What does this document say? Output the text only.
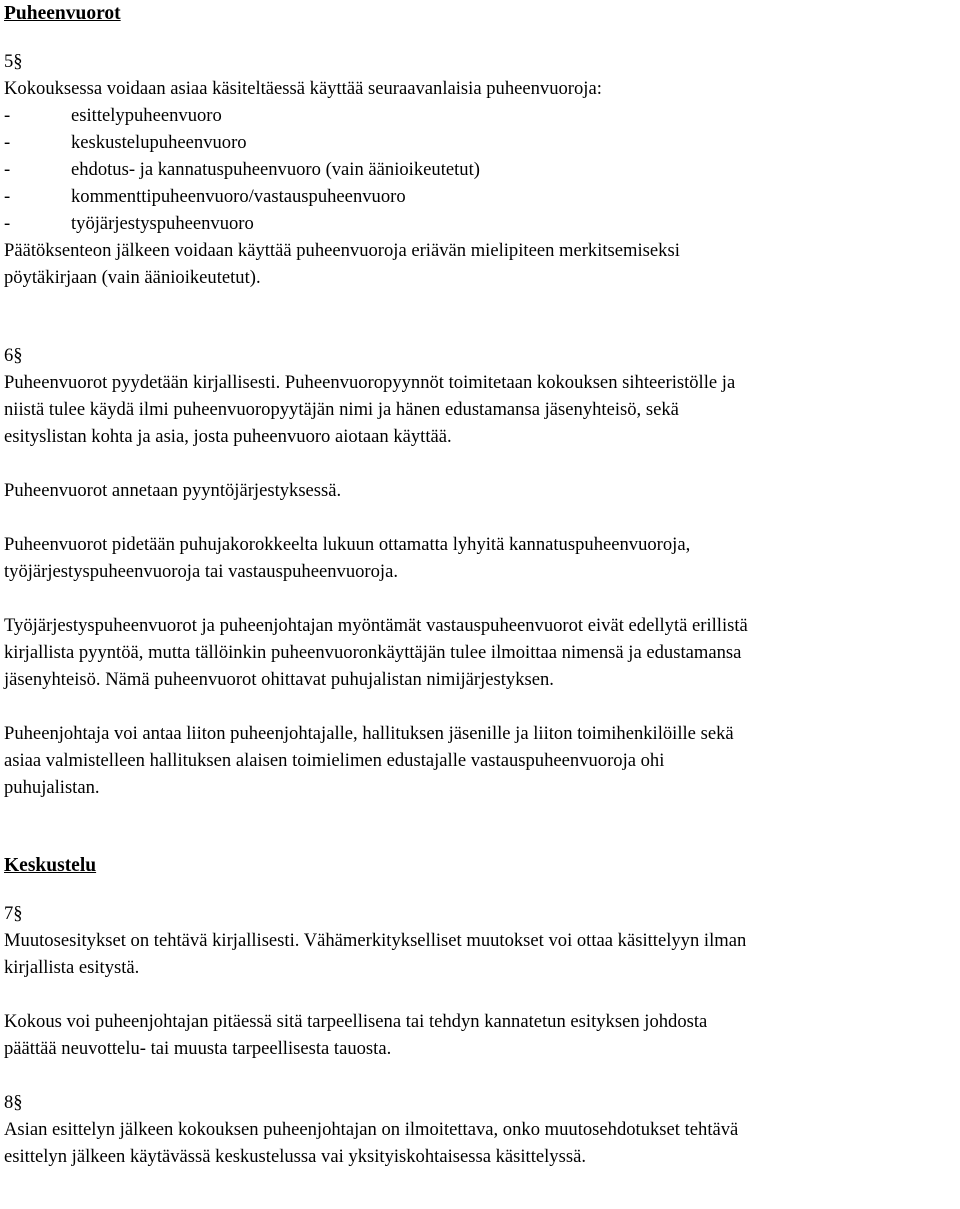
Puheenvuorot
5§
Kokouksessa voidaan asiaa käsiteltäessä käyttää seuraavanlaisia puheenvuoroja:
-	esittelypuheenvuoro
-	keskustelupuheenvuoro
-	ehdotus- ja kannatuspuheenvuoro (vain äänioikeutetut)
-	kommenttipuheenvuoro/vastauspuheenvuoro
-	työjärjestyspuheenvuoro
Päätöksenteon jälkeen voidaan käyttää puheenvuoroja eriävän mielipiteen merkitsemiseksi
pöytäkirjaan (vain äänioikeutetut).
6§
Puheenvuorot pyydetään kirjallisesti. Puheenvuoropyynnöt toimitetaan kokouksen sihteeristölle ja
niistä tulee käydä ilmi puheenvuoropyytäjän nimi ja hänen edustamansa jäsenyhteisö, sekä
esityslistan kohta ja asia, josta puheenvuoro aiotaan käyttää.
Puheenvuorot annetaan pyyntöjärjestyksessä.
Puheenvuorot pidetään puhujakorokkeelta lukuun ottamatta lyhyitä kannatuspuheenvuoroja,
työjärjestyspuheenvuoroja tai vastauspuheenvuoroja.
Työjärjestyspuheenvuorot ja puheenjohtajan myöntämät vastauspuheenvuorot eivät edellytä erillistä
kirjallista pyyntöä, mutta tällöinkin puheenvuoronkäyttäjän tulee ilmoittaa nimensä ja edustamansa
jäsenyhteisö. Nämä puheenvuorot ohittavat puhujalistan nimijärjestyksen.
Puheenjohtaja voi antaa liiton puheenjohtajalle, hallituksen jäsenille ja liiton toimihenkilöille sekä
asiaa valmistelleen hallituksen alaisen toimielimen edustajalle vastauspuheenvuoroja ohi
puhujalistan.
Keskustelu
7§
Muutosesitykset on tehtävä kirjallisesti. Vähämerkitykselliset muutokset voi ottaa käsittelyyn ilman
kirjallista esitystä.
Kokous voi puheenjohtajan pitäessä sitä tarpeellisena tai tehdyn kannatetun esityksen johdosta
päättää neuvottelu- tai muusta tarpeellisesta tauosta.
8§
Asian esittelyn jälkeen kokouksen puheenjohtajan on ilmoitettava, onko muutosehdotukset tehtävä
esittelyn jälkeen käytävässä keskustelussa vai yksityiskohtaisessa käsittelyssä.
